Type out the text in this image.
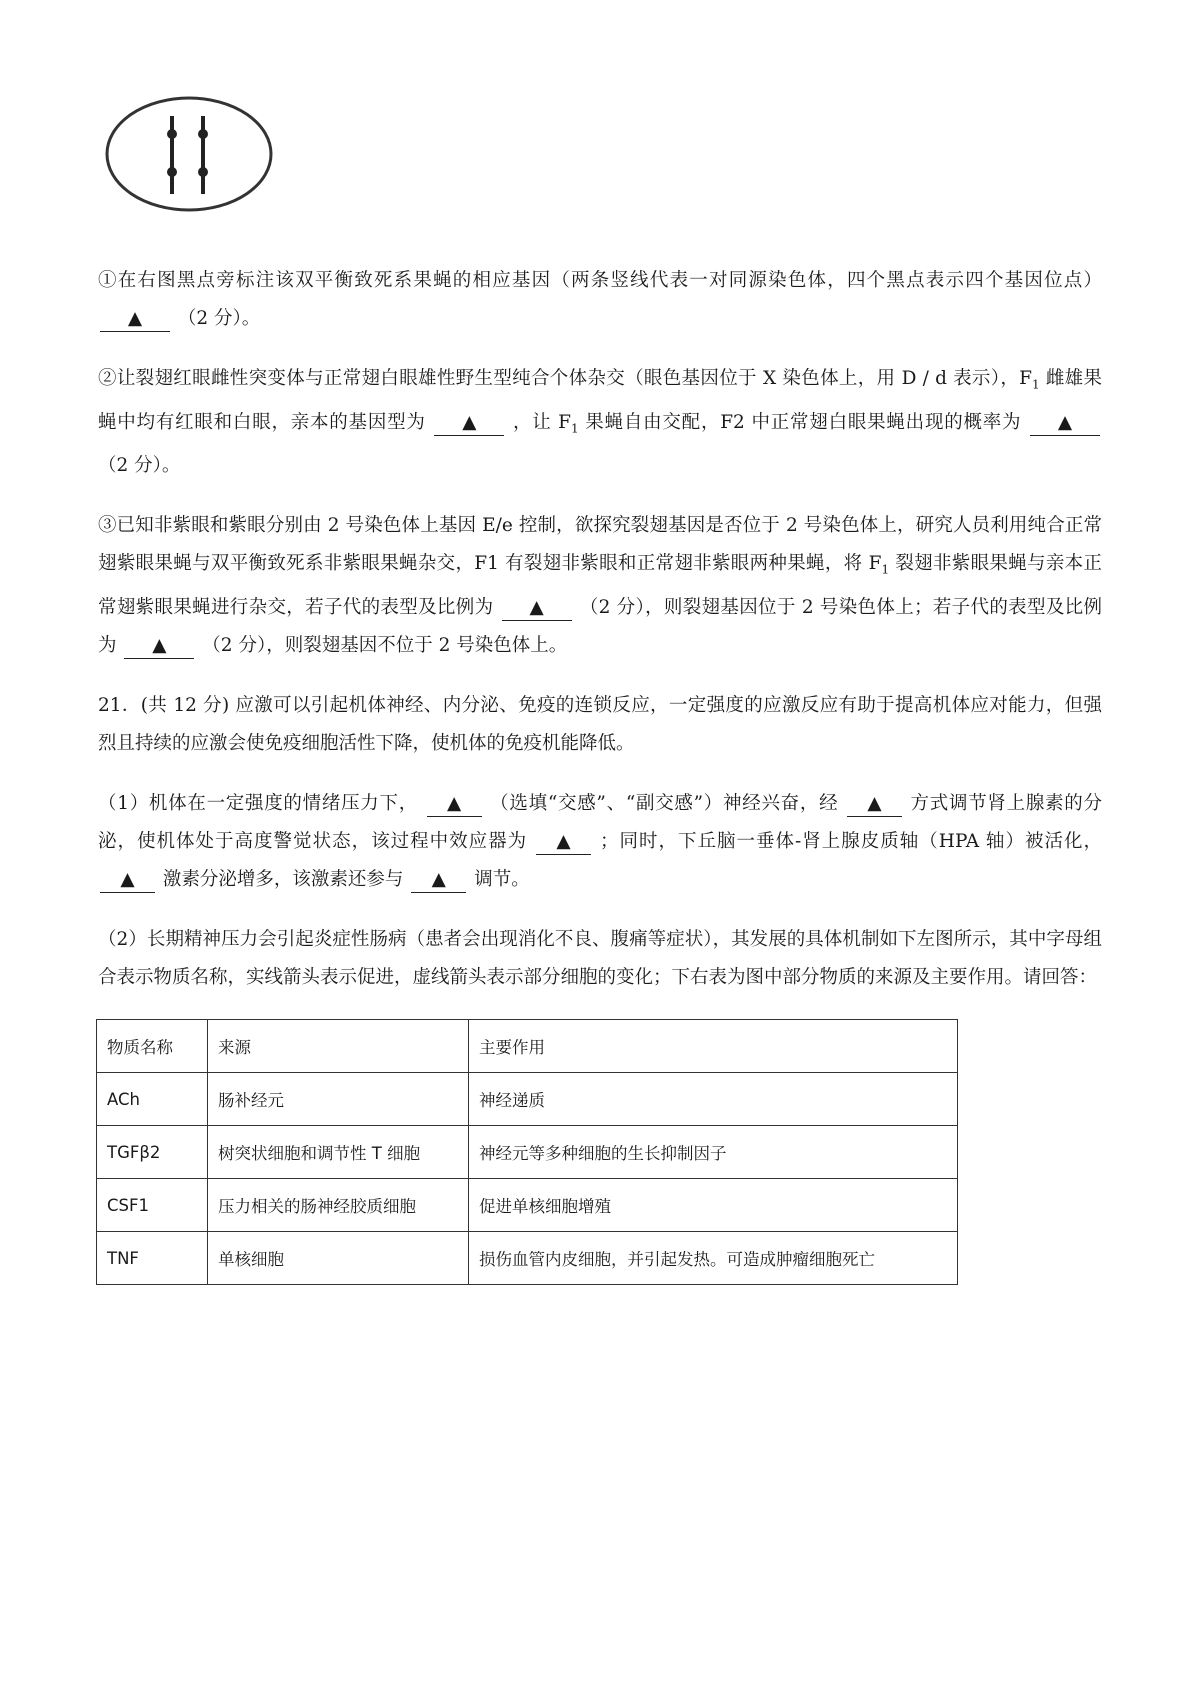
①在右图黑点旁标注该双平衡致死系果蝇的相应基因（两条竖线代表一对同源染色体，四个黑点表示四个基因位点） ▲ （2 分）。

②让裂翅红眼雌性突变体与正常翅白眼雄性野生型纯合个体杂交（眼色基因位于 X 染色体上，用 D / d 表示），$F_1$ 雌雄果蝇中均有红眼和白眼，亲本的基因型为 ▲ ，让 $F_1$ 果蝇自由交配，F2 中正常翅白眼果蝇出现的概率为 ▲ （2 分）。

③已知非紫眼和紫眼分别由 2 号染色体上基因 E/e 控制，欲探究裂翅基因是否位于 2 号染色体上，研究人员利用纯合正常翅紫眼果蝇与双平衡致死系非紫眼果蝇杂交，F1 有裂翅非紫眼和正常翅非紫眼两种果蝇，将 $F_1$ 裂翅非紫眼果蝇与亲本正常翅紫眼果蝇进行杂交，若子代的表型及比例为 ▲ （2 分），则裂翅基因位于 2 号染色体上；若子代的表型及比例为 ▲ （2 分），则裂翅基因不位于 2 号染色体上。

21．(共 12 分) 应激可以引起机体神经、内分泌、免疫的连锁反应，一定强度的应激反应有助于提高机体应对能力，但强烈且持续的应激会使免疫细胞活性下降，使机体的免疫机能降低。

（1）机体在一定强度的情绪压力下， ▲ （选填“交感”、“副交感”）神经兴奋，经 ▲ 方式调节肾上腺素的分泌，使机体处于高度警觉状态，该过程中效应器为 ▲ ；同时，下丘脑一垂体-肾上腺皮质轴（HPA 轴）被活化， ▲ 激素分泌增多，该激素还参与 ▲ 调节。

（2）长期精神压力会引起炎症性肠病（患者会出现消化不良、腹痛等症状），其发展的具体机制如下左图所示，其中字母组合表示物质名称，实线箭头表示促进，虚线箭头表示部分细胞的变化；下右表为图中部分物质的来源及主要作用。请回答：

物质名称	来源	主要作用
ACh	肠补经元	神经递质
TGFβ2	树突状细胞和调节性 T 细胞	神经元等多种细胞的生长抑制因子
CSF1	压力相关的肠神经胶质细胞	促进单核细胞增殖
TNF	单核细胞	损伤血管内皮细胞，并引起发热。可造成肿瘤细胞死亡
